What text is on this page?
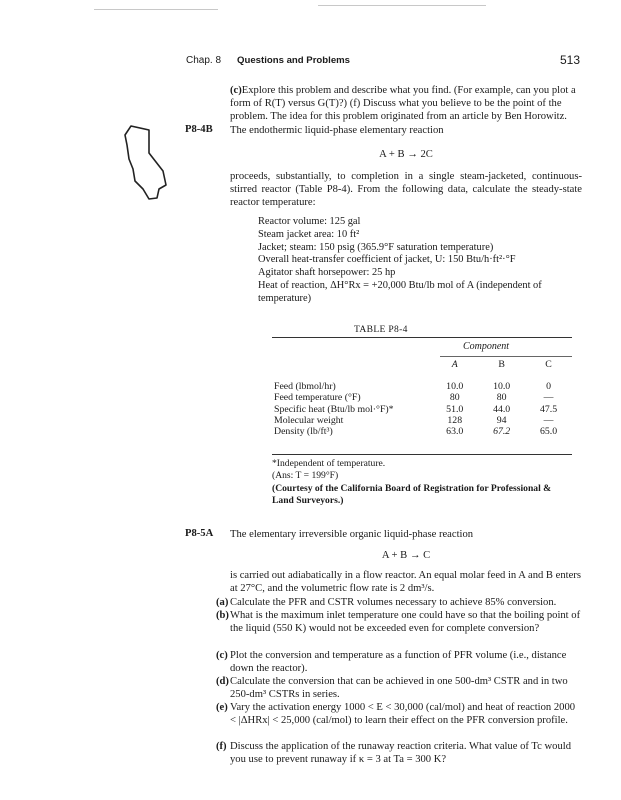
Chap. 8 Questions and Problems	513

(c)Explore this problem and describe what you find. (For example, can you plot a form of R(T) versus G(T)?) (f) Discuss what you believe to be the point of the problem. The idea for this problem originated from an article by Ben Horowitz.

P8-4B The endothermic liquid-phase elementary reaction
A + B → 2C
proceeds, substantially, to completion in a single steam-jacketed, continuous-stirred reactor (Table P8-4). From the following data, calculate the steady-state reactor temperature:
Reactor volume: 125 gal
Steam jacket area: 10 ft²
Jacket; steam: 150 psig (365.9°F saturation temperature)
Overall heat-transfer coefficient of jacket, U: 150 Btu/h·ft²·°F
Agitator shaft horsepower: 25 hp
Heat of reaction, ΔH°Rx = +20,000 Btu/lb mol of A (independent of temperature)
TABLE P8-4
Component
	A	B	C

Feed (lbmol/hr)	10.0	10.0	0
Feed temperature (°F)	80	80	—
Specific heat (Btu/lb mol·°F)*	51.0	44.0	47.5
Molecular weight	128	94	—
Density (lb/ft³)	63.0	67.2	65.0
*Independent of temperature.
(Ans: T = 199°F)
(Courtesy of the California Board of Registration for Professional & Land Surveyors.)
P8-5A The elementary irreversible organic liquid-phase reaction
A + B → C
is carried out adiabatically in a flow reactor. An equal molar feed in A and B enters at 27°C, and the volumetric flow rate is 2 dm³/s.
(a) Calculate the PFR and CSTR volumes necessary to achieve 85% conversion.
(b) What is the maximum inlet temperature one could have so that the boiling point of the liquid (550 K) would not be exceeded even for complete conversion?
(c) Plot the conversion and temperature as a function of PFR volume (i.e., distance down the reactor).
(d) Calculate the conversion that can be achieved in one 500-dm³ CSTR and in two 250-dm³ CSTRs in series.
(e) Vary the activation energy 1000 < E < 30,000 (cal/mol) and heat of reaction 2000 < |ΔHRx| < 25,000 (cal/mol) to learn their effect on the PFR conversion profile.
(f) Discuss the application of the runaway reaction criteria. What value of Tc would you use to prevent runaway if κ = 3 at Ta = 300 K?
